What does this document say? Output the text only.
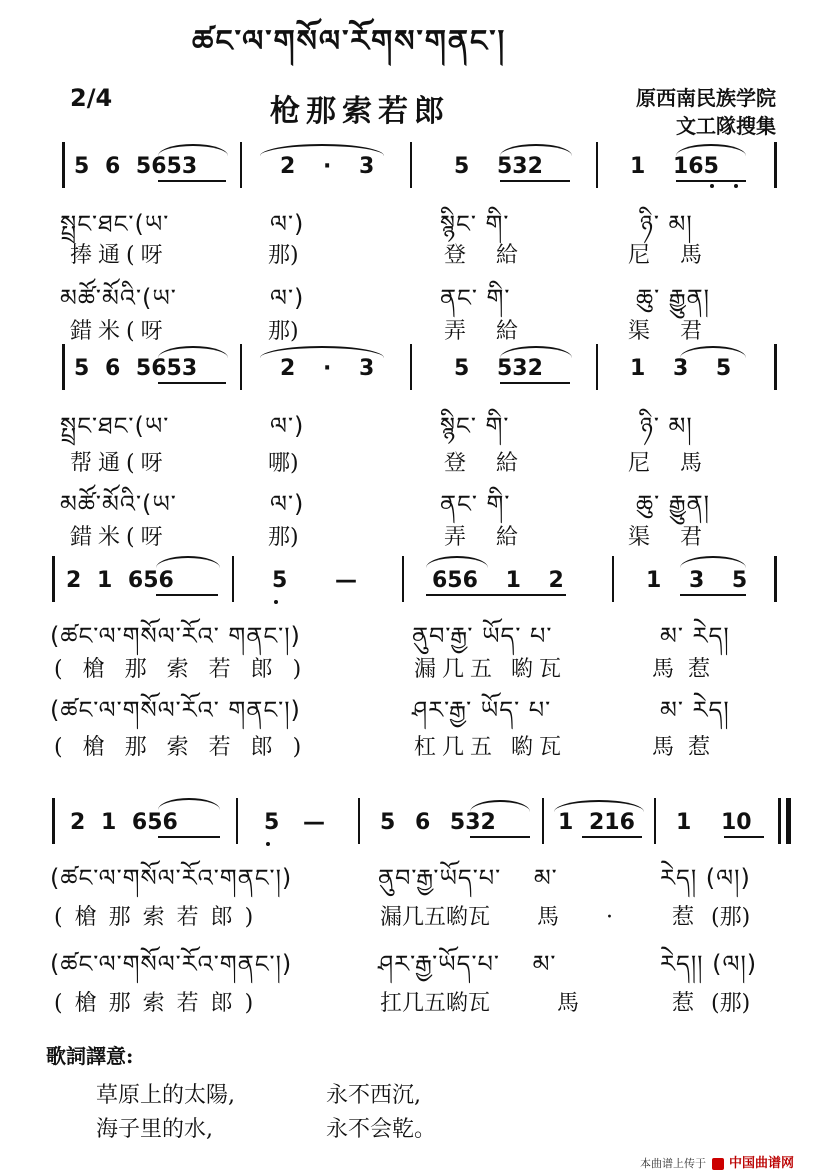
ཚང་ལ་གསོལ་རོགས་གནང་།
2/4	枪那索若郎	原西南民族学院
文工隊搜集
5 6 5653	2 · 3	5 532	1 165
སྤྲང་ཐང་(ཡ་	ལ་)	སྙིང་ གི་	ཉི་ མ།
捧通(呀	那)	登給	尼馬
མཚོ་མོའི་(ཡ་	ལ་)	ནང་ གི་	ཆུ་ རྒྱུན།
錯米(呀	那)	弄給	渠君
5 6 5653	2 · 3	5 532	1 3 5
སྤྲང་ཐང་(ཡ་	ལ་)	སྙིང་ གི་	ཉི་ མ།
帮通(呀	哪)	登給	尼馬
མཚོ་མོའི་(ཡ་	ལ་)	ནང་ གི་	ཆུ་ རྒྱུན།
錯米(呀	那)	弄給	渠君
2 1 656	5 —	656 1 2	1 3 5
(ཚང་ལ་གསོལ་རོའ་ གནང་།)	ནུབ་རྒྱ་ ཡོད་ པ་	མ་ རེད།
(槍那索若郎)	漏几五 喲瓦	馬惹
(ཚང་ལ་གསོལ་རོའ་ གནང་།)	ཤར་རྒྱ་ ཡོད་ པ་	མ་ རེད།
(槍那索若郎)	杠几五 喲瓦	馬惹
2 1 656	5 —	5 6 532	1 216 1 10
(ཚང་ལ་གསོལ་རོའ་གནང་།)	ནུབ་རྒྱ་ཡོད་པ་ མ་	རེད། (ལ།)
(槍那索若郎)	漏几五喲瓦 馬 ·	惹 (那)
(ཚང་ལ་གསོལ་རོའ་གནང་།)	ཤར་རྒྱ་ཡོད་པ་ མ་	རེད།། (ལ།)
(槍那索若郎)	扛几五喲瓦 馬	惹 (那)
歌詞譯意:
草原上的太陽,	永不西沉,
海子里的水,	永不会乾。
本曲谱上传于 中国曲谱网
